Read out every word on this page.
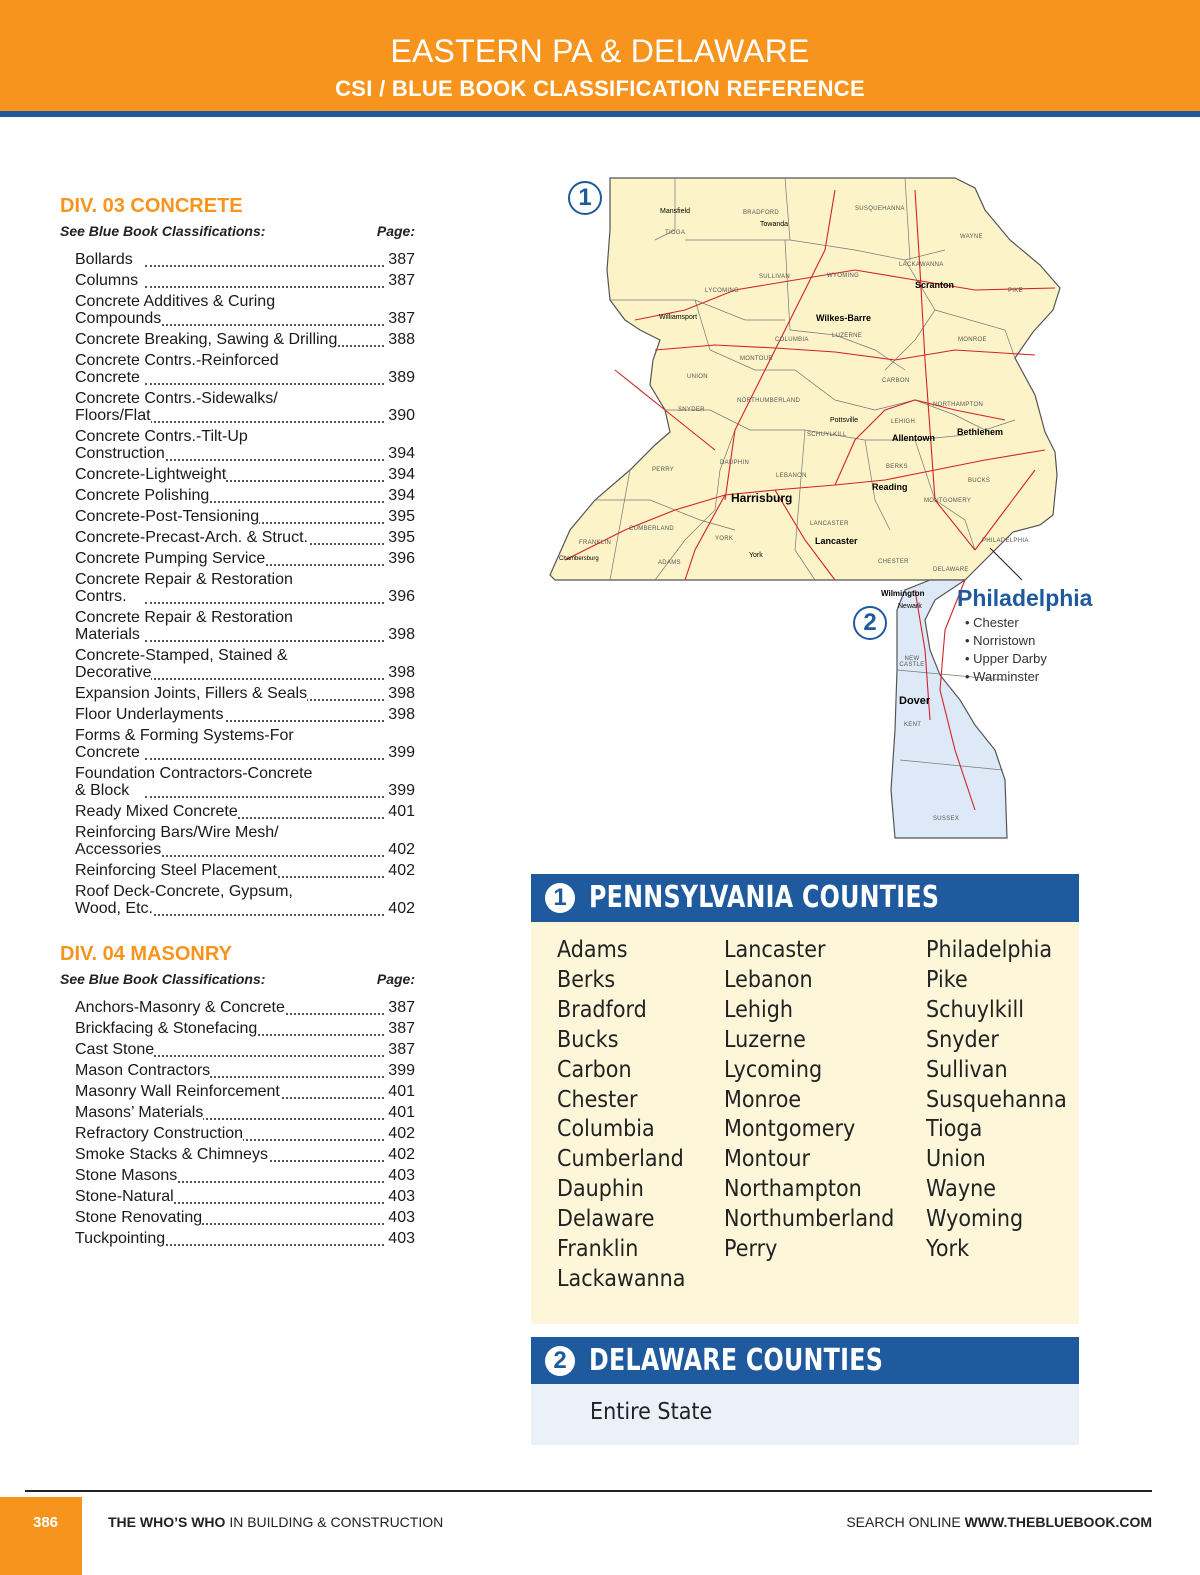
EASTERN PA & DELAWARE
CSI / BLUE BOOK CLASSIFICATION REFERENCE
DIV. 03 CONCRETE
See Blue Book Classifications:	Page:
Bollards	387
Columns	387
Concrete Additives & Curing
Compounds	387
Concrete Breaking, Sawing & Drilling	388
Concrete Contrs.-Reinforced
Concrete	389
Concrete Contrs.-Sidewalks/
Floors/Flat	390
Concrete Contrs.-Tilt-Up
Construction	394
Concrete-Lightweight	394
Concrete Polishing	394
Concrete-Post-Tensioning	395
Concrete-Precast-Arch. & Struct.	395
Concrete Pumping Service	396
Concrete Repair & Restoration
Contrs.	396
Concrete Repair & Restoration
Materials	398
Concrete-Stamped, Stained &
Decorative	398
Expansion Joints, Fillers & Seals	398
Floor Underlayments	398
Forms & Forming Systems-For
Concrete	399
Foundation Contractors-Concrete
& Block	399
Ready Mixed Concrete	401
Reinforcing Bars/Wire Mesh/
Accessories	402
Reinforcing Steel Placement	402
Roof Deck-Concrete, Gypsum,
Wood, Etc.	402
DIV. 04 MASONRY
See Blue Book Classifications:	Page:
Anchors-Masonry & Concrete	387
Brickfacing & Stonefacing	387
Cast Stone	387
Mason Contractors	399
Masonry Wall Reinforcement	401
Masons’ Materials	401
Refractory Construction	402
Smoke Stacks & Chimneys	402
Stone Masons	403
Stone-Natural	403
Stone Renovating	403
Tuckpointing	403
1
2
TIOGA
BRADFORD
SUSQUEHANNA
WAYNE
LYCOMING
SULLIVAN	WYOMING
LACKAWANNA
PIKE
COLUMBIA
LUZERNE
MONROE
UNION
MONTOUR
CARBON
SNYDER
NORTHUMBERLAND
NORTHAMPTON
SCHUYLKILL
LEHIGH
PERRY
DAUPHIN
LEBANON
BERKS
BUCKS
MONTGOMERY
CUMBERLAND
FRANKLIN
ADAMS
YORK
LANCASTER
CHESTER
DELAWARE
PHILADELPHIA
NEW CASTLE
KENT
SUSSEX
Mansfield
Towanda
Scranton
Williamsport	Wilkes-Barre
Pottsville
Allentown
Bethlehem
Harrisburg
Reading
Lancaster
Chambersburg	York
Wilmington
Newark
Dover
Philadelphia
• Chester
• Norristown
• Upper Darby
• Warminster
1 PENNSYLVANIA COUNTIES
Adams
Berks
Bradford
Bucks
Carbon
Chester
Columbia
Cumberland
Dauphin
Delaware
Franklin
Lackawanna
Lancaster
Lebanon
Lehigh
Luzerne
Lycoming
Monroe
Montgomery
Montour
Northampton
Northumberland
Perry
Philadelphia
Pike
Schuylkill
Snyder
Sullivan
Susquehanna
Tioga
Union
Wayne
Wyoming
York
2 DELAWARE COUNTIES
Entire State
386	THE WHO’S WHO IN BUILDING & CONSTRUCTION	SEARCH ONLINE WWW.THEBLUEBOOK.COM
